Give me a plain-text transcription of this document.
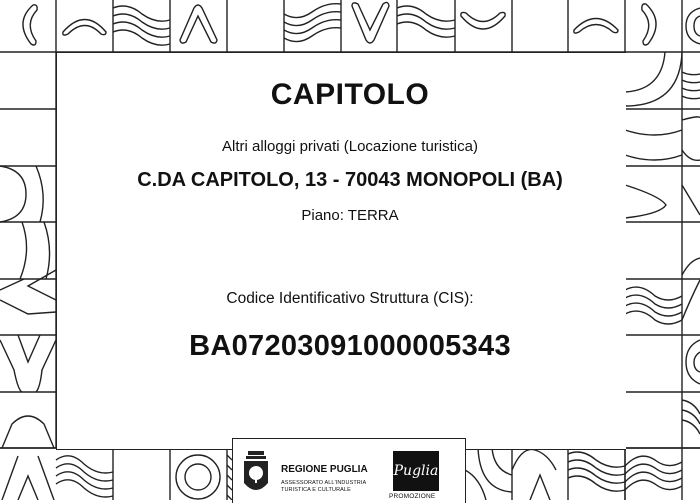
CAPITOLO
Altri alloggi privati (Locazione turistica)
C.DA CAPITOLO, 13 - 70043 MONOPOLI (BA)
Piano: TERRA
Codice Identificativo Struttura (CIS):
BA07203091000005343
REGIONE PUGLIA
ASSESSORATO ALL'INDUSTRIA
TURISTICA E CULTURALE
Puglia
PROMOZIONE
